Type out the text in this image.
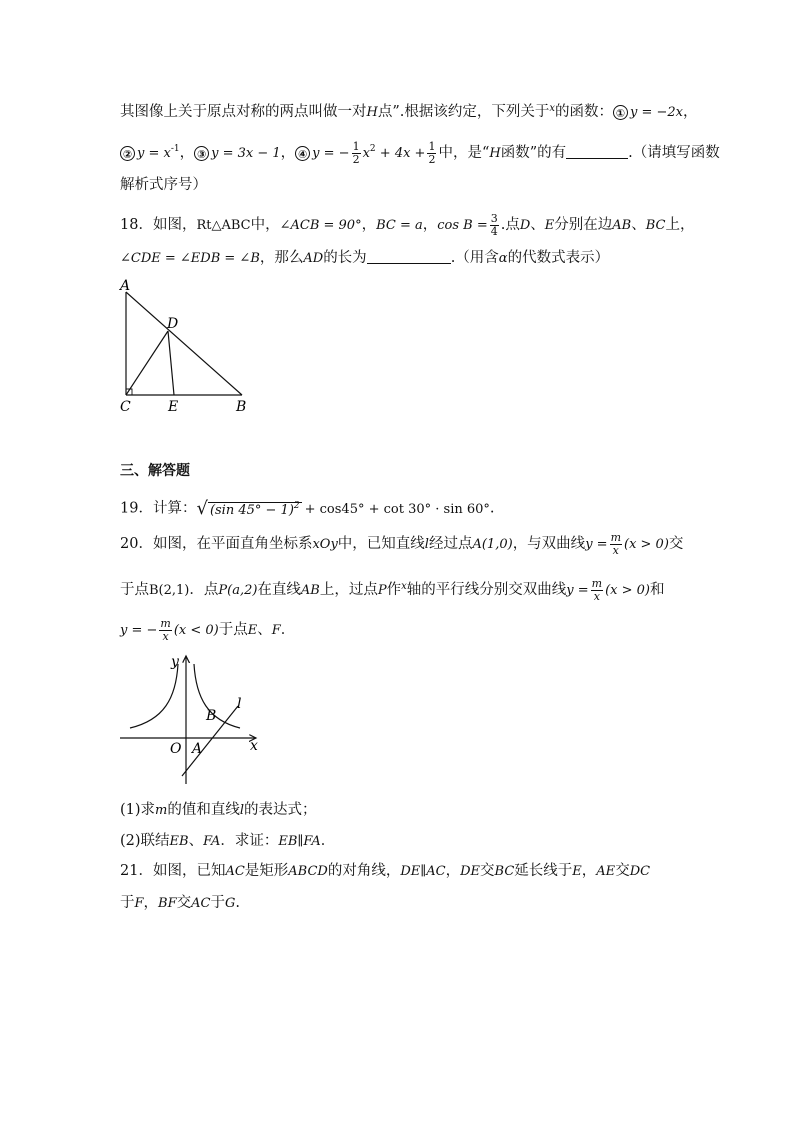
其图像上关于原点对称的两点叫做一对H点”.根据该约定，下列关于$^x$的函数： ① y = −2x，
② $y = x^{-1}$， ③ y = 3x − 1， ④ y = − $\frac{1}{2} x^2 + 4x + \frac{1}{2}$ 中，是“H函数”的有	.（请填写函数
解析式序号）
18．如图，Rt△ABC中，∠ACB = 90°，BC = a，$\cos B = \frac{3}{4}$ .点D、E分别在边AB、BC上，
∠CDE = ∠EDB = ∠B，那么AD的长为	.（用含α的代数式表示）
A
D
C	E	B
三、解答题
19．计算：√ (sin 45° − 1)$^2$ + cos45° + cot 30° · sin 60°.
20．如图，在平面直角坐标系xOy中，已知直线l经过点A(1,0)，与双曲线$y = \frac{m}{x} (x > 0)$交
于点B(2,1)．点P(a,2)在直线AB上，过点P作$^x$轴的平行线分别交双曲线$y = \frac{m}{x} (x > 0)$和
y = − $\frac{m}{x} (x < 0)$于点E、F．
y
x
O A
B
l
(1)求m的值和直线l的表达式；
(2)联结EB、FA．求证：EB∥FA．
21．如图，已知AC是矩形ABCD的对角线，DE∥AC，DE交BC延长线于E，AE交DC
于F，BF交AC于G.
